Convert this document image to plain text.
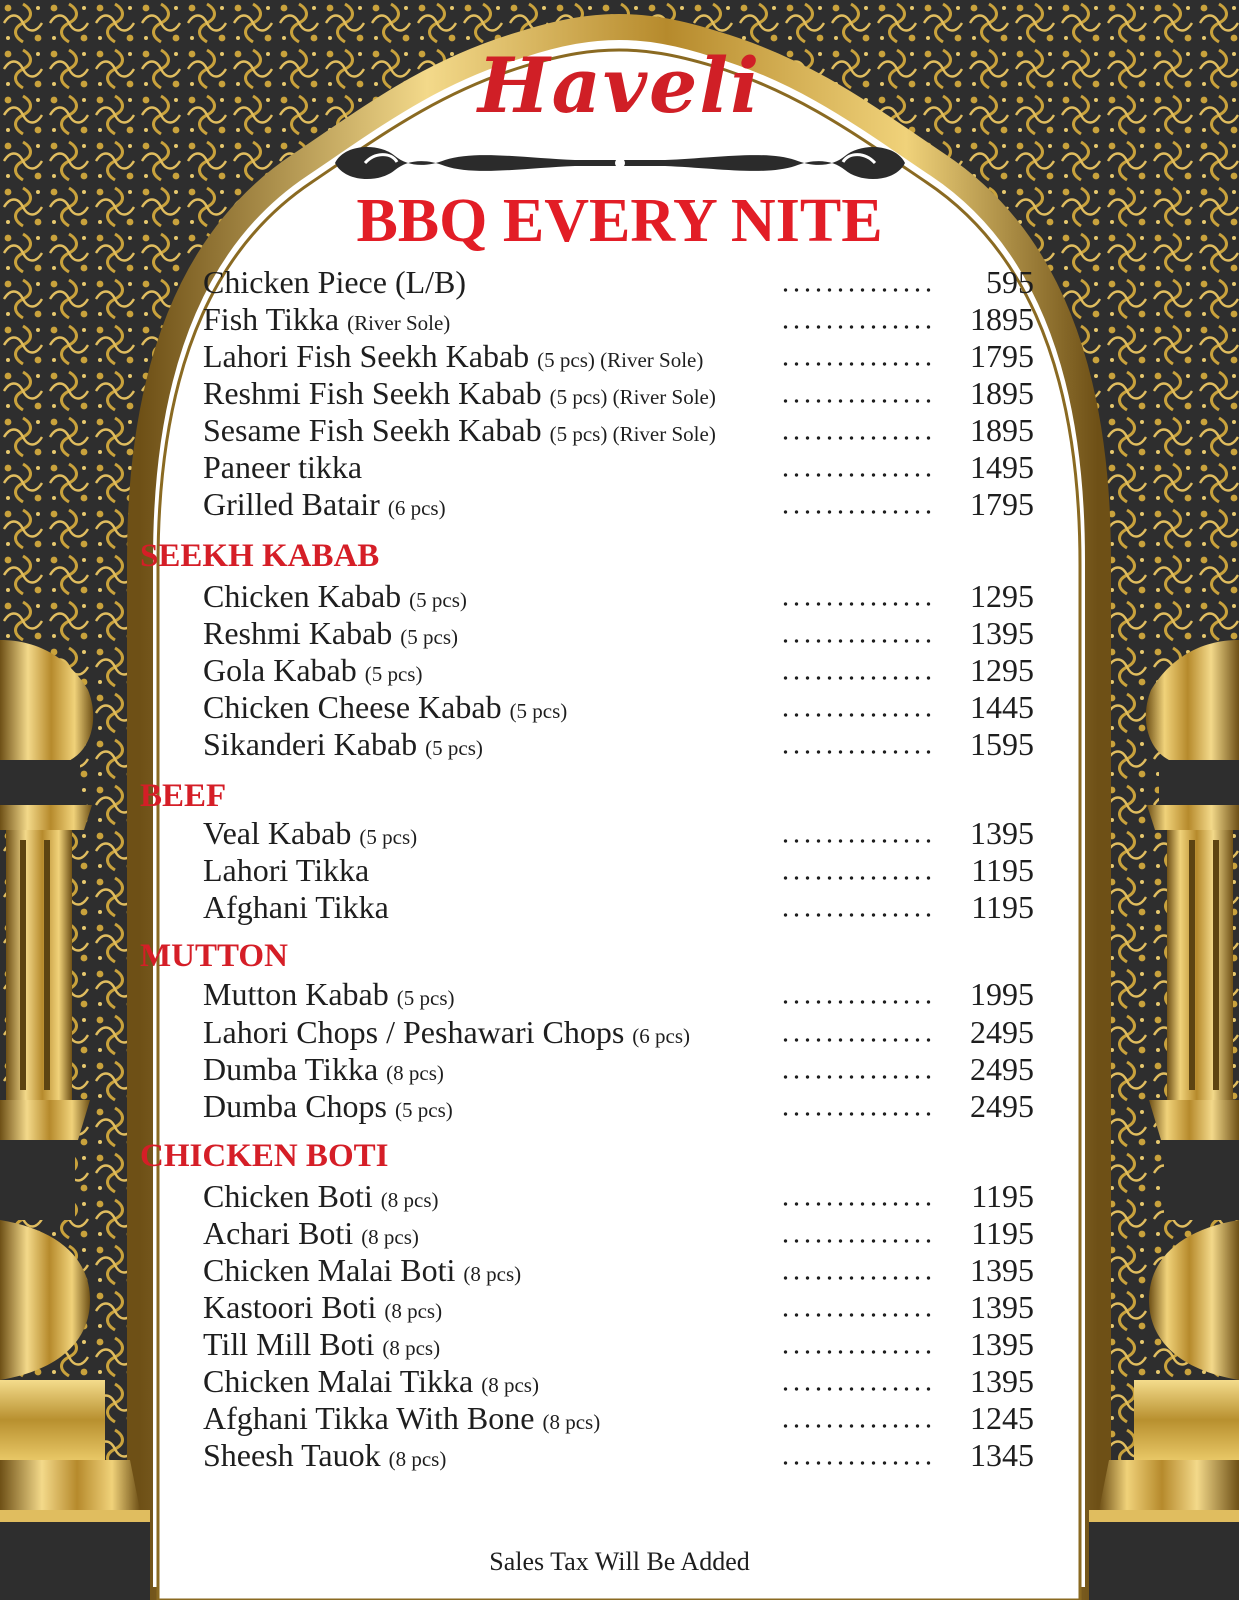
Haveli
BBQ EVERY NITE
Chicken Piece (L/B)	595
Fish Tikka (River Sole)	1895
Lahori Fish Seekh Kabab (5 pcs) (River Sole)	1795
Reshmi Fish Seekh Kabab (5 pcs) (River Sole)	1895
Sesame Fish Seekh Kabab (5 pcs) (River Sole)	1895
Paneer tikka	1495
Grilled Batair (6 pcs)	1795
SEEKH KABAB
Chicken Kabab (5 pcs)	1295
Reshmi Kabab (5 pcs)	1395
Gola Kabab (5 pcs)	1295
Chicken Cheese Kabab (5 pcs)	1445
Sikanderi Kabab (5 pcs)	1595
BEEF
Veal Kabab (5 pcs)	1395
Lahori Tikka	1195
Afghani Tikka	1195
MUTTON
Mutton Kabab (5 pcs)	1995
Lahori Chops / Peshawari Chops (6 pcs)	2495
Dumba Tikka (8 pcs)	2495
Dumba Chops (5 pcs)	2495
CHICKEN BOTI
Chicken Boti (8 pcs)	1195
Achari Boti (8 pcs)	1195
Chicken Malai Boti (8 pcs)	1395
Kastoori Boti (8 pcs)	1395
Till Mill Boti (8 pcs)	1395
Chicken Malai Tikka (8 pcs)	1395
Afghani Tikka With Bone (8 pcs)	1245
Sheesh Tauok (8 pcs)	1345
Sales Tax Will Be Added
